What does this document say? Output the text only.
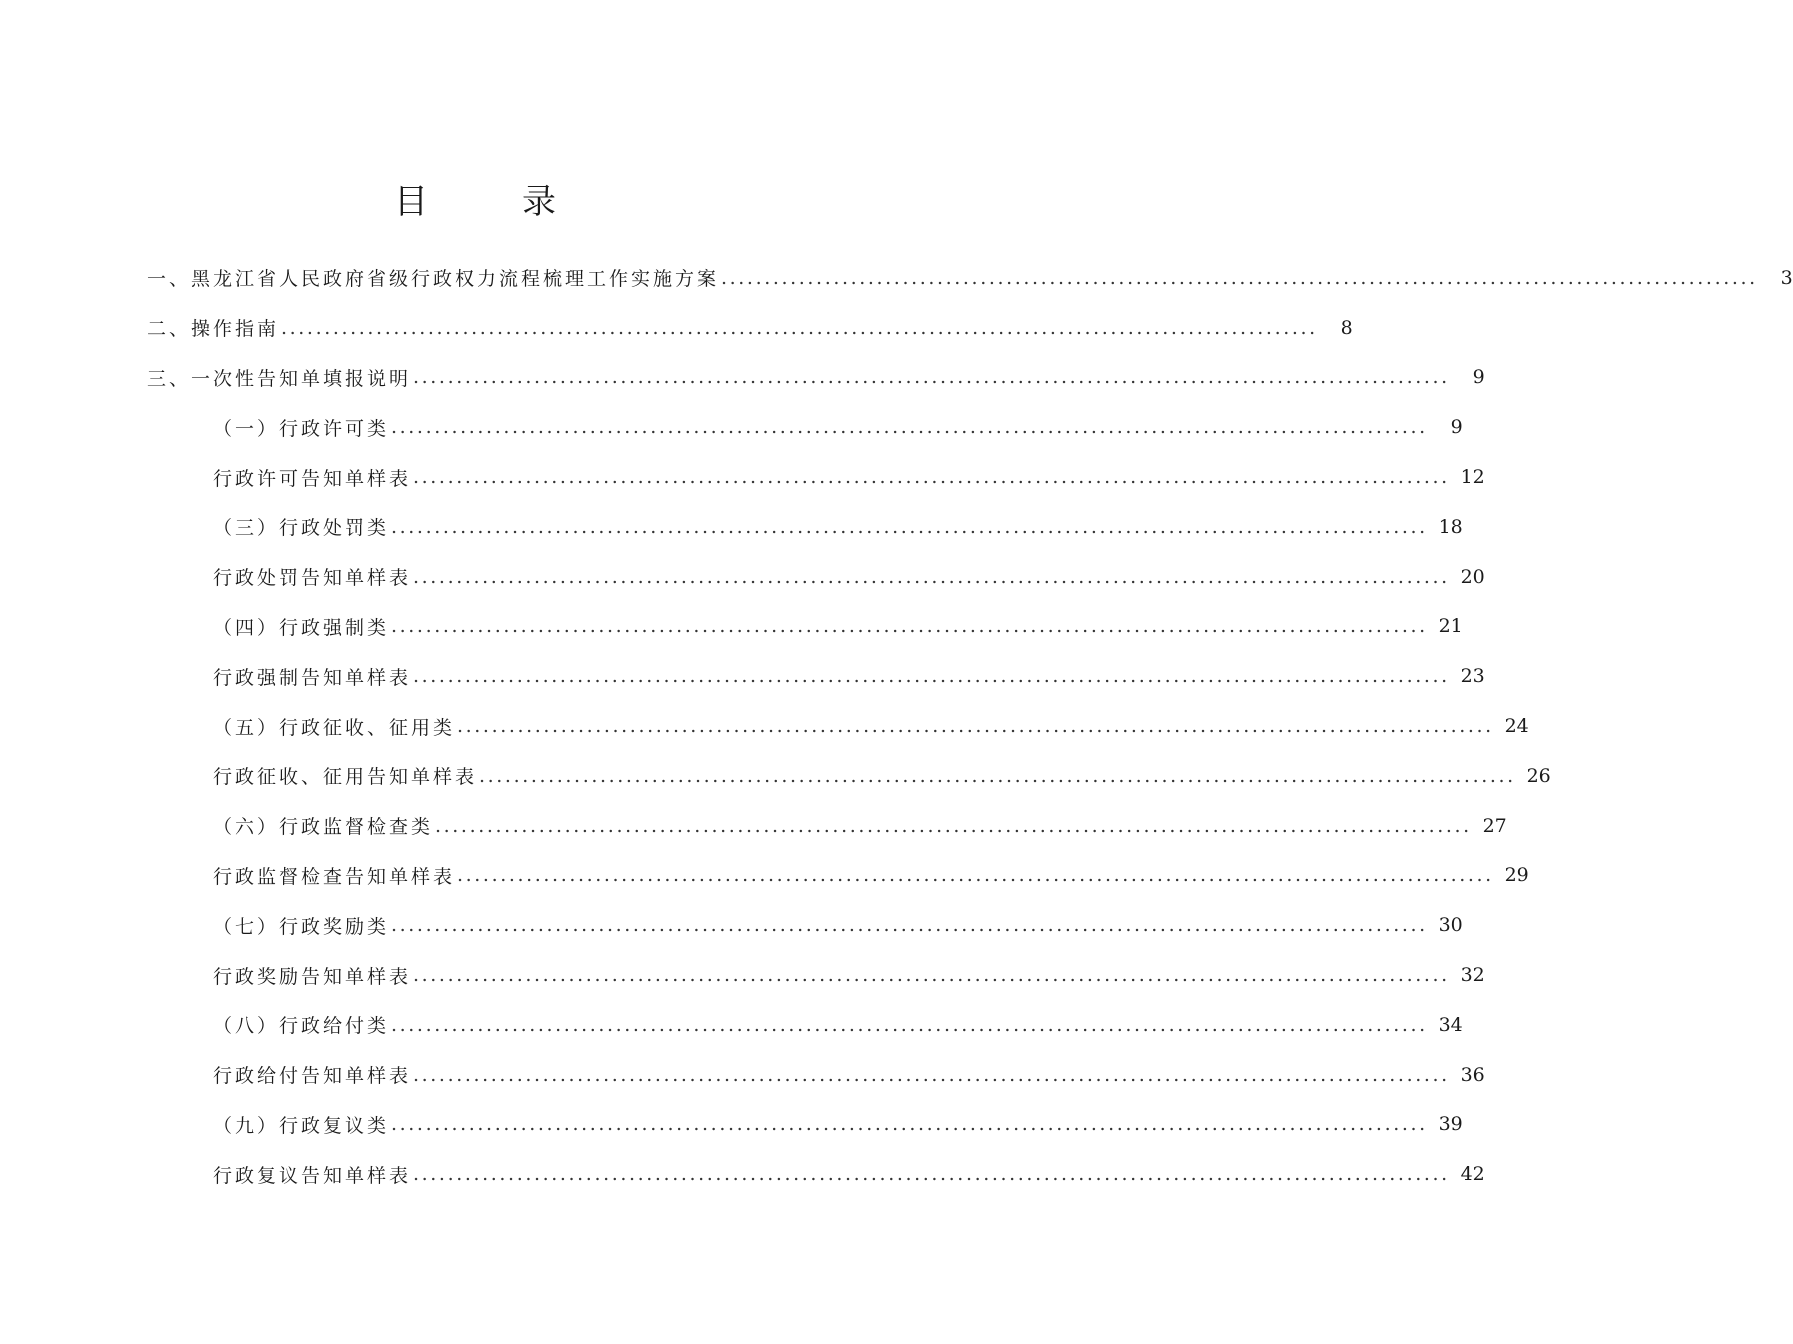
目　录
一、黑龙江省人民政府省级行政权力流程梳理工作实施方案 ........................................................................................................................	3
二、操作指南 ........................................................................................................................	8
三、一次性告知单填报说明 ........................................................................................................................	9
（一）行政许可类 ........................................................................................................................	9
行政许可告知单样表 ........................................................................................................................ 12
（三）行政处罚类 ........................................................................................................................ 18
行政处罚告知单样表 ........................................................................................................................ 20
（四）行政强制类 ........................................................................................................................ 21
行政强制告知单样表 ........................................................................................................................ 23
（五）行政征收、征用类 ........................................................................................................................ 24
行政征收、征用告知单样表 ........................................................................................................................ 26
（六）行政监督检查类 ........................................................................................................................ 27
行政监督检查告知单样表 ........................................................................................................................ 29
（七）行政奖励类 ........................................................................................................................ 30
行政奖励告知单样表 ........................................................................................................................ 32
（八）行政给付类 ........................................................................................................................ 34
行政给付告知单样表 ........................................................................................................................ 36
（九）行政复议类 ........................................................................................................................ 39
行政复议告知单样表 ........................................................................................................................ 42
